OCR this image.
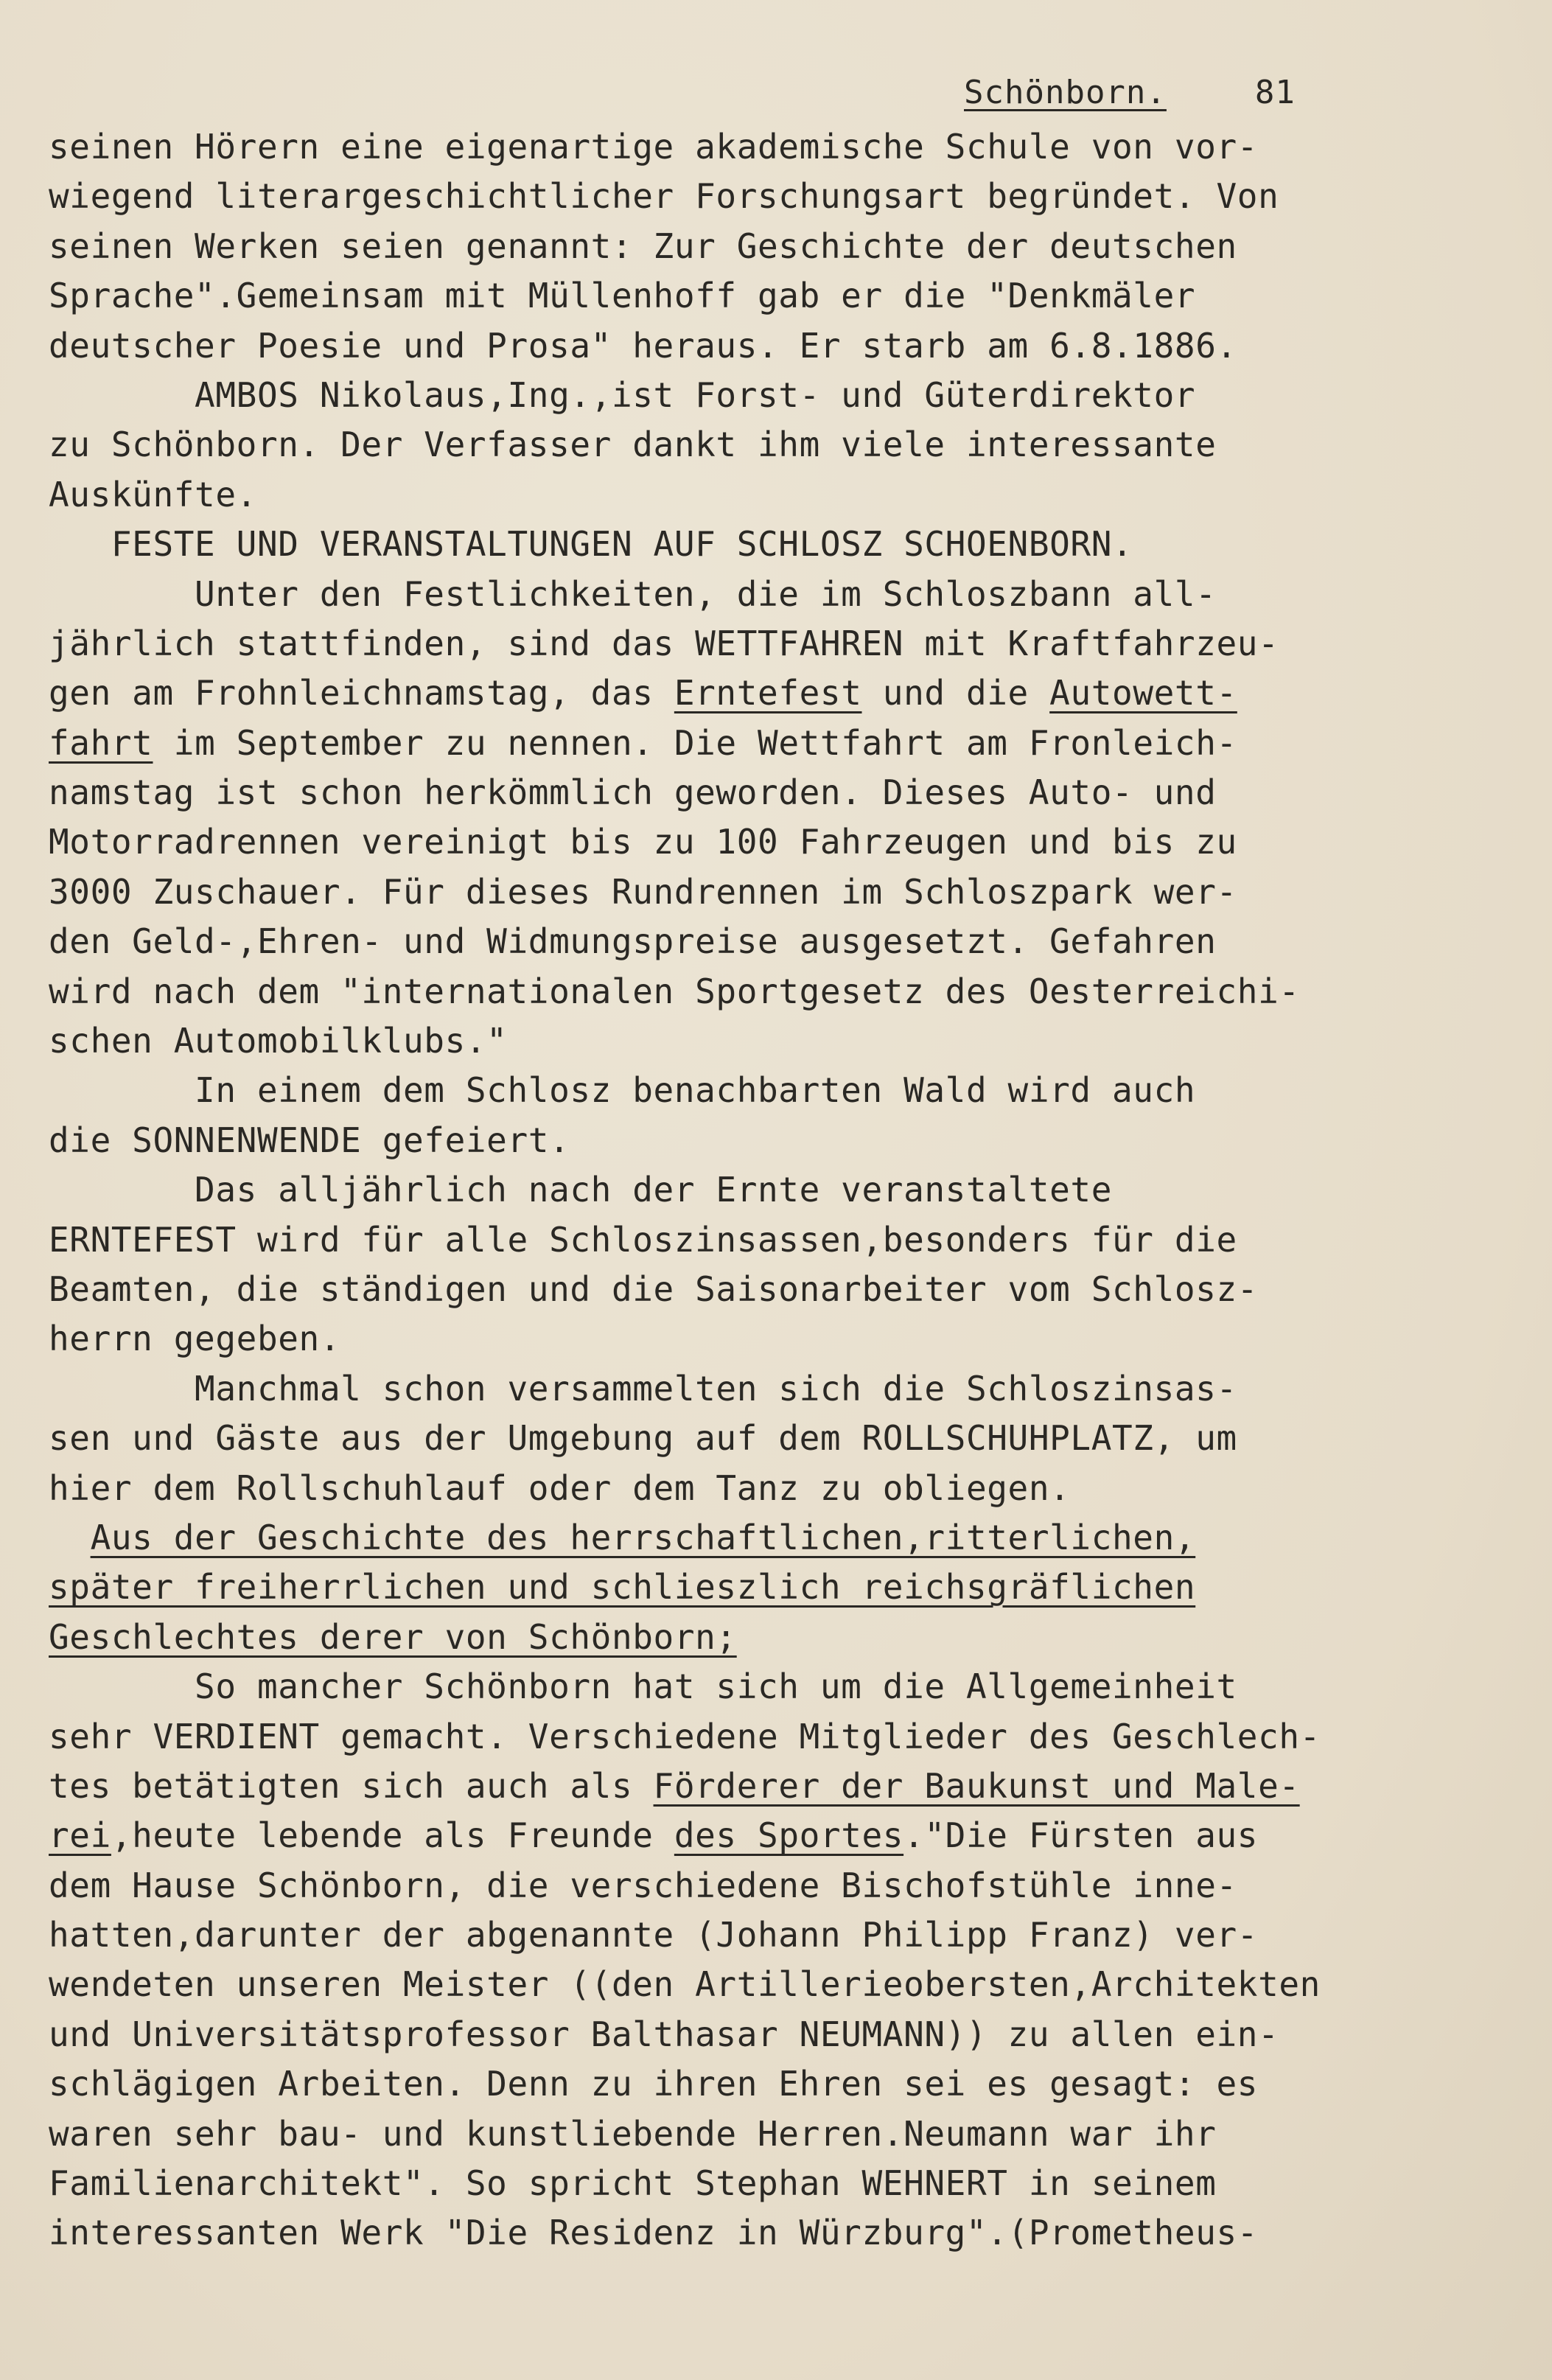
Schönborn.	81
seinen Hörern eine eigenartige akademische Schule von vor-
wiegend literargeschichtlicher Forschungsart begründet. Von
seinen Werken seien genannt: Zur Geschichte der deutschen
Sprache".Gemeinsam mit Müllenhoff gab er die "Denkmäler
deutscher Poesie und Prosa" heraus. Er starb am 6.8.1886.
AMBOS Nikolaus,Ing.,ist Forst- und Güterdirektor
zu Schönborn. Der Verfasser dankt ihm viele interessante
Auskünfte.
FESTE UND VERANSTALTUNGEN AUF SCHLOSZ SCHOENBORN.
Unter den Festlichkeiten, die im Schloszbann all-
jährlich stattfinden, sind das WETTFAHREN mit Kraftfahrzeu-
gen am Frohnleichnamstag, das Erntefest und die Autowett-
fahrt im September zu nennen. Die Wettfahrt am Fronleich-
namstag ist schon herkömmlich geworden. Dieses Auto- und
Motorradrennen vereinigt bis zu 100 Fahrzeugen und bis zu
3000 Zuschauer. Für dieses Rundrennen im Schloszpark wer-
den Geld-,Ehren- und Widmungspreise ausgesetzt. Gefahren
wird nach dem "internationalen Sportgesetz des Oesterreichi-
schen Automobilklubs."
In einem dem Schlosz benachbarten Wald wird auch
die SONNENWENDE gefeiert.
Das alljährlich nach der Ernte veranstaltete
ERNTEFEST wird für alle Schloszinsassen,besonders für die
Beamten, die ständigen und die Saisonarbeiter vom Schlosz-
herrn gegeben.
Manchmal schon versammelten sich die Schloszinsas-
sen und Gäste aus der Umgebung auf dem ROLLSCHUHPLATZ, um
hier dem Rollschuhlauf oder dem Tanz zu obliegen.
Aus der Geschichte des herrschaftlichen,ritterlichen,
später freiherrlichen und schlieszlich reichsgräflichen
Geschlechtes derer von Schönborn;
So mancher Schönborn hat sich um die Allgemeinheit
sehr VERDIENT gemacht. Verschiedene Mitglieder des Geschlech-
tes betätigten sich auch als Förderer der Baukunst und Male-
rei,heute lebende als Freunde des Sportes."Die Fürsten aus
dem Hause Schönborn, die verschiedene Bischofstühle inne-
hatten,darunter der abgenannte (Johann Philipp Franz) ver-
wendeten unseren Meister ((den Artillerieobersten,Architekten
und Universitätsprofessor Balthasar NEUMANN)) zu allen ein-
schlägigen Arbeiten. Denn zu ihren Ehren sei es gesagt: es
waren sehr bau- und kunstliebende Herren.Neumann war ihr
Familienarchitekt". So spricht Stephan WEHNERT in seinem
interessanten Werk "Die Residenz in Würzburg".(Prometheus-
